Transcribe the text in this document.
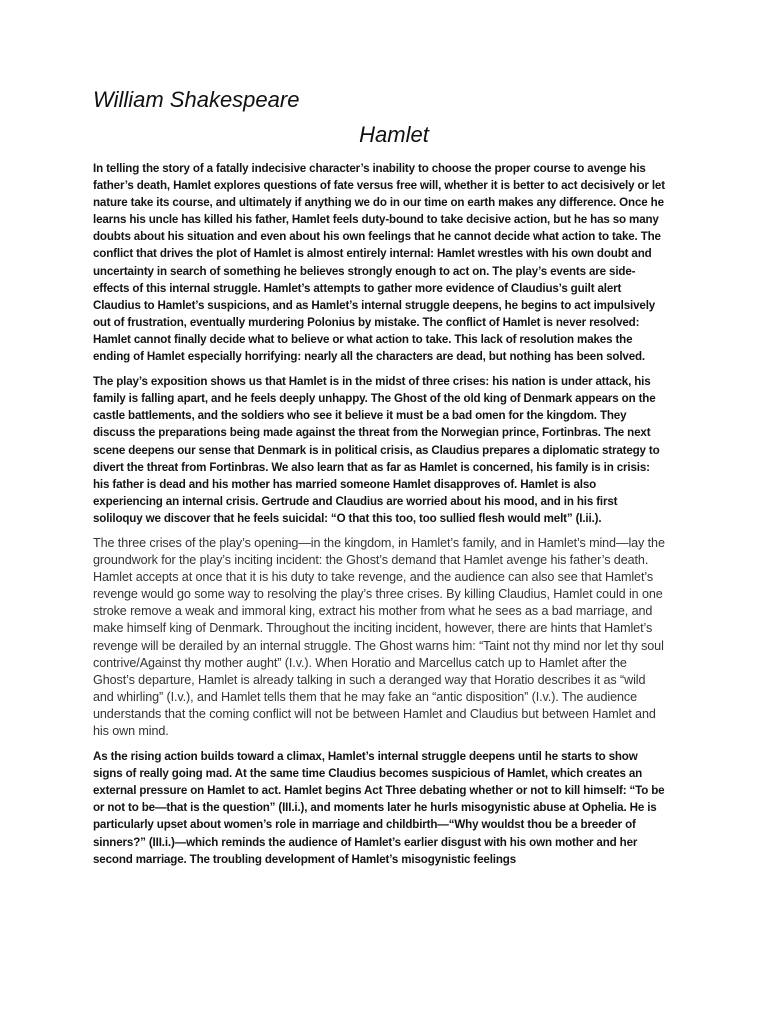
William Shakespeare
Hamlet

In telling the story of a fatally indecisive character’s inability to choose the proper course to avenge his father’s death, Hamlet explores questions of fate versus free will, whether it is better to act decisively or let nature take its course, and ultimately if anything we do in our time on earth makes any difference. Once he learns his uncle has killed his father, Hamlet feels duty-bound to take decisive action, but he has so many doubts about his situation and even about his own feelings that he cannot decide what action to take. The conflict that drives the plot of Hamlet is almost entirely internal: Hamlet wrestles with his own doubt and uncertainty in search of something he believes strongly enough to act on. The play’s events are side-effects of this internal struggle. Hamlet’s attempts to gather more evidence of Claudius’s guilt alert Claudius to Hamlet’s suspicions, and as Hamlet’s internal struggle deepens, he begins to act impulsively out of frustration, eventually murdering Polonius by mistake. The conflict of Hamlet is never resolved: Hamlet cannot finally decide what to believe or what action to take. This lack of resolution makes the ending of Hamlet especially horrifying: nearly all the characters are dead, but nothing has been solved.

The play’s exposition shows us that Hamlet is in the midst of three crises: his nation is under attack, his family is falling apart, and he feels deeply unhappy. The Ghost of the old king of Denmark appears on the castle battlements, and the soldiers who see it believe it must be a bad omen for the kingdom. They discuss the preparations being made against the threat from the Norwegian prince, Fortinbras. The next scene deepens our sense that Denmark is in political crisis, as Claudius prepares a diplomatic strategy to divert the threat from Fortinbras. We also learn that as far as Hamlet is concerned, his family is in crisis: his father is dead and his mother has married someone Hamlet disapproves of. Hamlet is also experiencing an internal crisis. Gertrude and Claudius are worried about his mood, and in his first soliloquy we discover that he feels suicidal: “O that this too, too sullied flesh would melt” (I.ii.).

The three crises of the play’s opening—in the kingdom, in Hamlet’s family, and in Hamlet’s mind—lay the groundwork for the play’s inciting incident: the Ghost’s demand that Hamlet avenge his father’s death. Hamlet accepts at once that it is his duty to take revenge, and the audience can also see that Hamlet’s revenge would go some way to resolving the play’s three crises. By killing Claudius, Hamlet could in one stroke remove a weak and immoral king, extract his mother from what he sees as a bad marriage, and make himself king of Denmark. Throughout the inciting incident, however, there are hints that Hamlet’s revenge will be derailed by an internal struggle. The Ghost warns him: “Taint not thy mind nor let thy soul contrive/Against thy mother aught” (I.v.). When Horatio and Marcellus catch up to Hamlet after the Ghost’s departure, Hamlet is already talking in such a deranged way that Horatio describes it as “wild and whirling” (I.v.), and Hamlet tells them that he may fake an “antic disposition” (I.v.). The audience understands that the coming conflict will not be between Hamlet and Claudius but between Hamlet and his own mind.

As the rising action builds toward a climax, Hamlet’s internal struggle deepens until he starts to show signs of really going mad. At the same time Claudius becomes suspicious of Hamlet, which creates an external pressure on Hamlet to act. Hamlet begins Act Three debating whether or not to kill himself: “To be or not to be—that is the question” (III.i.), and moments later he hurls misogynistic abuse at Ophelia. He is particularly upset about women’s role in marriage and childbirth—“Why wouldst thou be a breeder of sinners?” (III.i.)—which reminds the audience of Hamlet’s earlier disgust with his own mother and her second marriage. The troubling development of Hamlet’s misogynistic feelings
